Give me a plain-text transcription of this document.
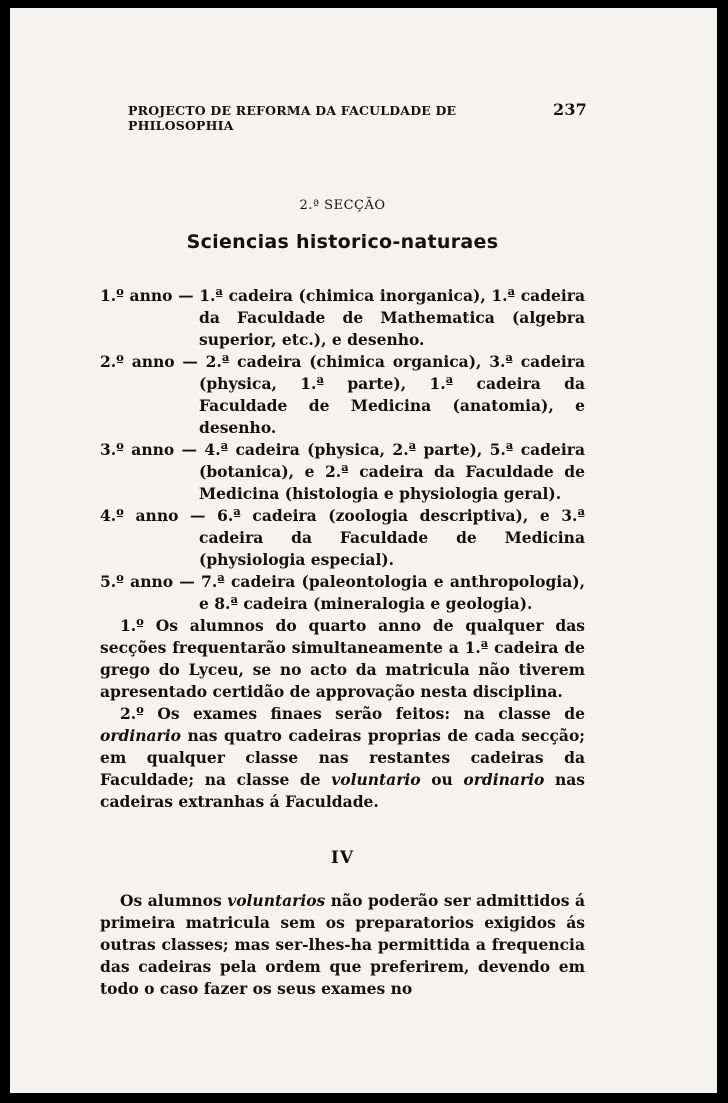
PROJECTO DE REFORMA DA FACULDADE DE PHILOSOPHIA
237
2.ª SECÇÃO
Sciencias historico-naturaes
1.º anno — 1.ª cadeira (chimica inorganica), 1.ª cadeira da Faculdade de Mathematica (algebra superior, etc.), e desenho.
2.º anno — 2.ª cadeira (chimica organica), 3.ª cadeira (physica, 1.ª parte), 1.ª cadeira da Faculdade de Medicina (anatomia), e desenho.
3.º anno — 4.ª cadeira (physica, 2.ª parte), 5.ª cadeira (botanica), e 2.ª cadeira da Faculdade de Medicina (histologia e physiologia geral).
4.º anno — 6.ª cadeira (zoologia descriptiva), e 3.ª cadeira da Faculdade de Medicina (physiologia especial).
5.º anno — 7.ª cadeira (paleontologia e anthropologia), e 8.ª cadeira (mineralogia e geologia).

1.º Os alumnos do quarto anno de qualquer das secções frequentarão simultaneamente a 1.ª cadeira de grego do Lyceu, se no acto da matricula não tiverem apresentado certidão de approvação nesta disciplina.

2.º Os exames finaes serão feitos: na classe de ordinario nas quatro cadeiras proprias de cada secção; em qualquer classe nas restantes cadeiras da Faculdade; na classe de voluntario ou ordinario nas cadeiras extranhas á Faculdade.

IV

Os alumnos voluntarios não poderão ser admittidos á primeira matricula sem os preparatorios exigidos ás outras classes; mas ser-lhes-ha permittida a frequencia das cadeiras pela ordem que preferirem, devendo em todo o caso fazer os seus exames no
